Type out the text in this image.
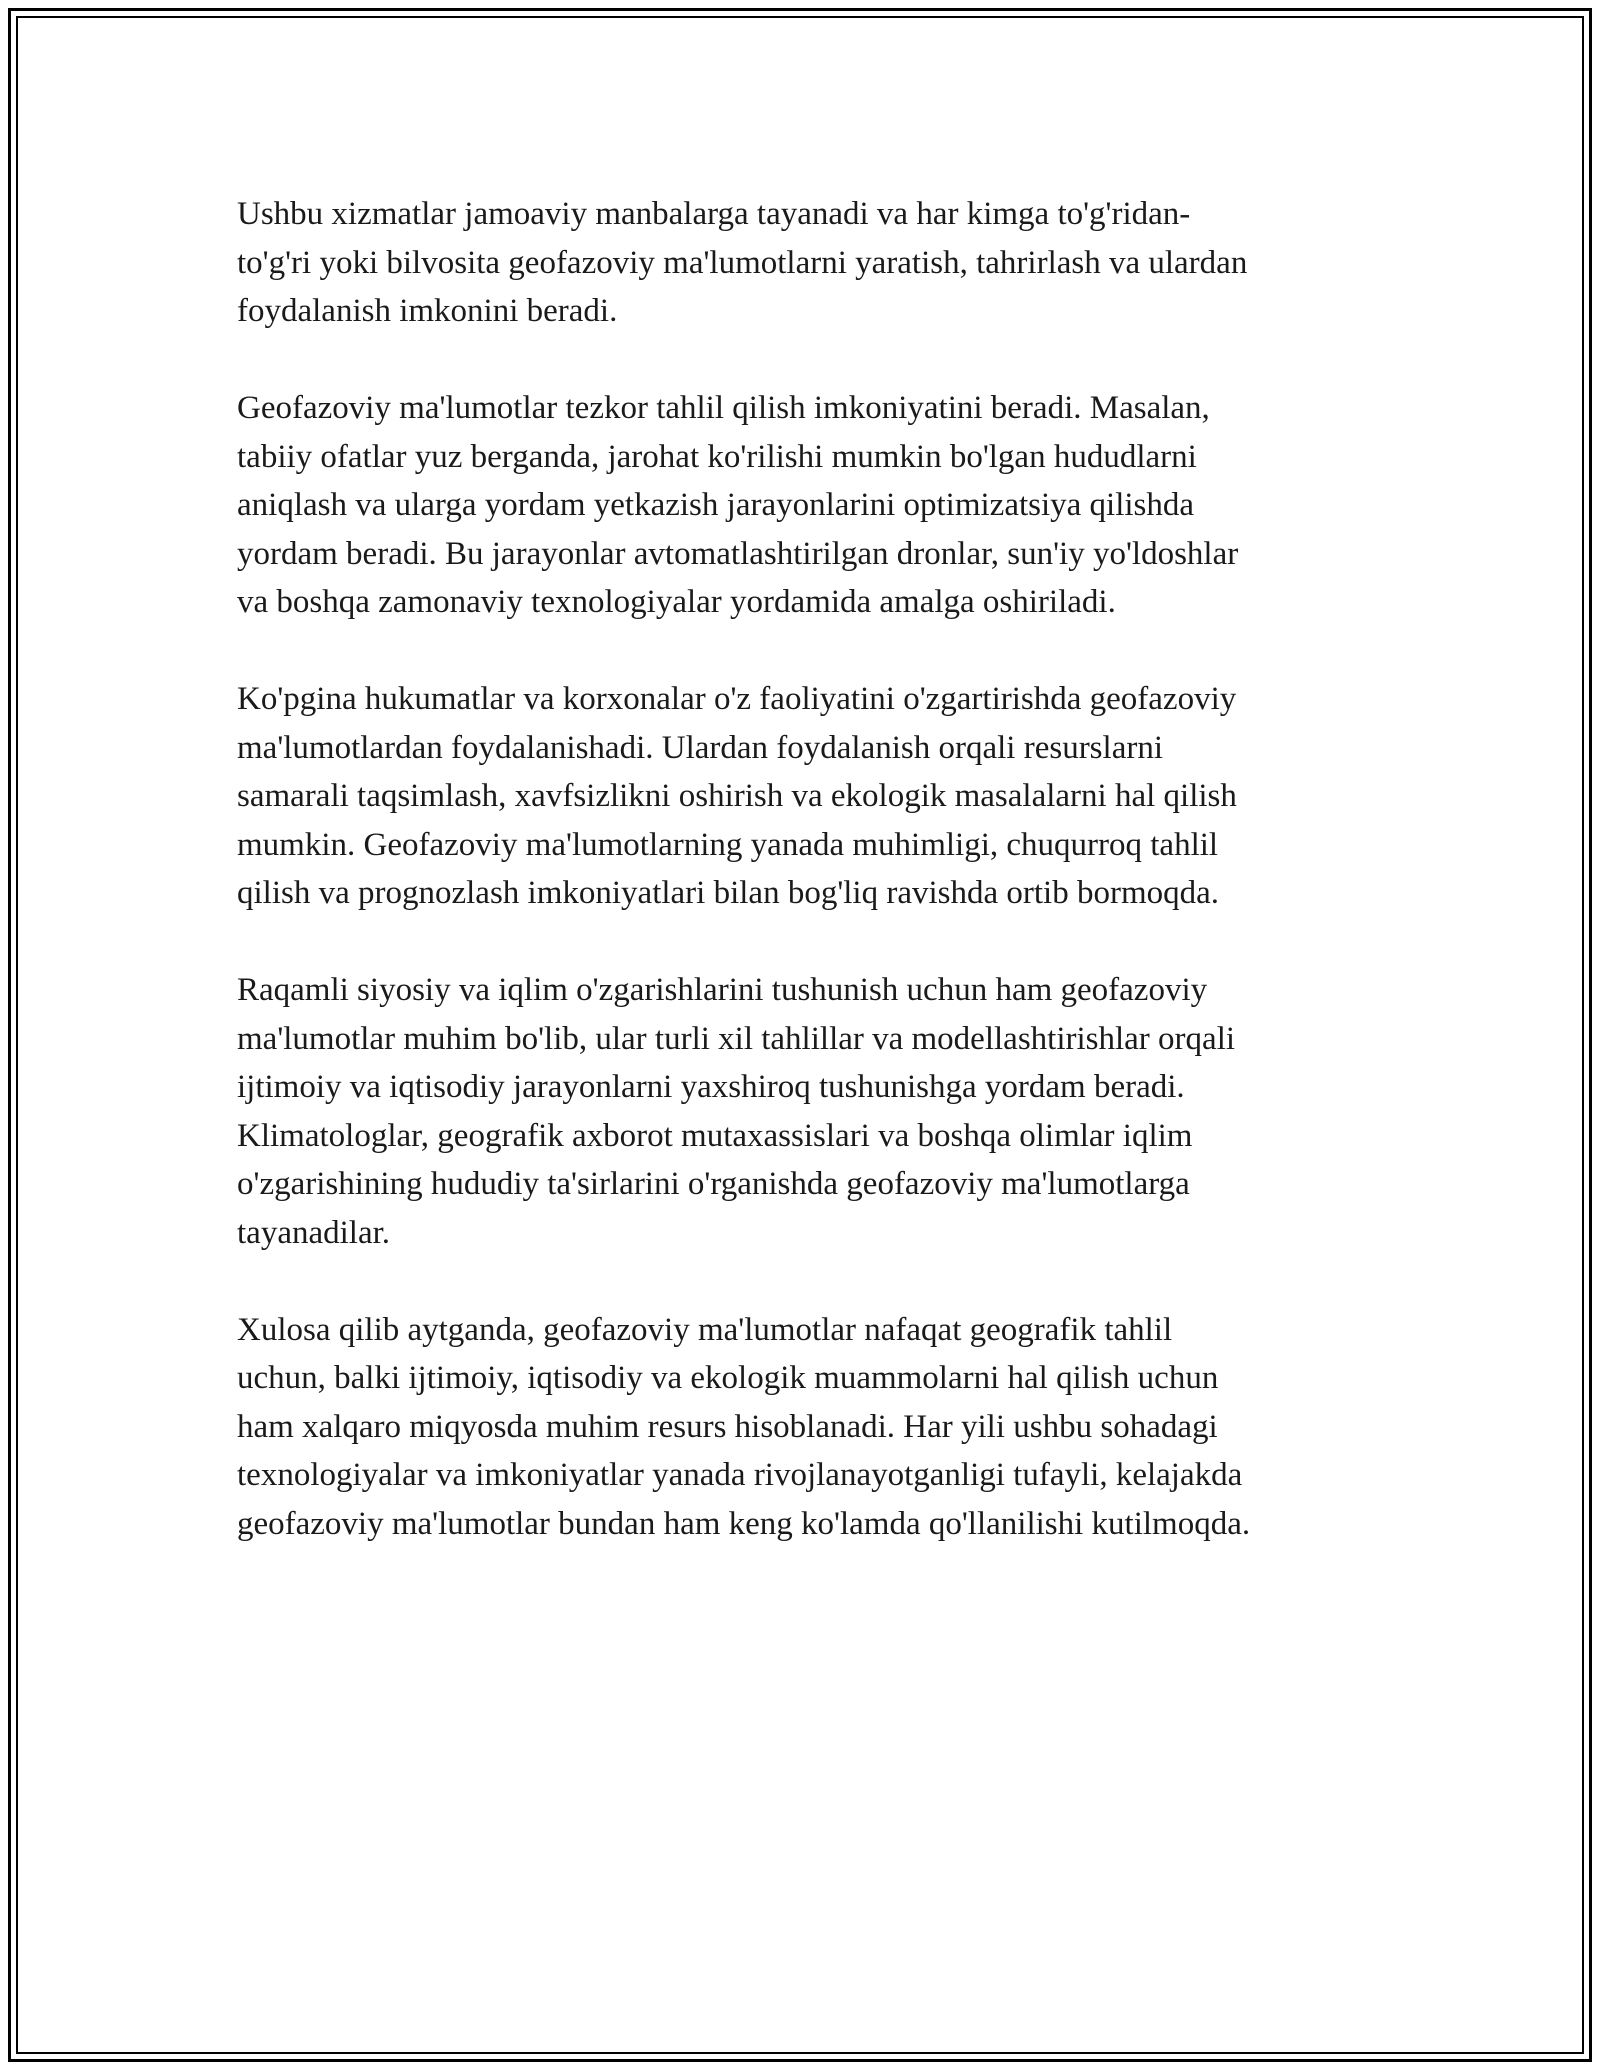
Ushbu xizmatlar jamoaviy manbalarga tayanadi va har kimga to'g'ridan-
to'g'ri yoki bilvosita geofazoviy ma'lumotlarni yaratish, tahrirlash va ulardan
foydalanish imkonini beradi.

Geofazoviy ma'lumotlar tezkor tahlil qilish imkoniyatini beradi. Masalan,
tabiiy ofatlar yuz berganda, jarohat ko'rilishi mumkin bo'lgan hududlarni
aniqlash va ularga yordam yetkazish jarayonlarini optimizatsiya qilishda
yordam beradi. Bu jarayonlar avtomatlashtirilgan dronlar, sun'iy yo'ldoshlar
va boshqa zamonaviy texnologiyalar yordamida amalga oshiriladi.

Ko'pgina hukumatlar va korxonalar o'z faoliyatini o'zgartirishda geofazoviy
ma'lumotlardan foydalanishadi. Ulardan foydalanish orqali resurslarni
samarali taqsimlash, xavfsizlikni oshirish va ekologik masalalarni hal qilish
mumkin. Geofazoviy ma'lumotlarning yanada muhimligi, chuqurroq tahlil
qilish va prognozlash imkoniyatlari bilan bog'liq ravishda ortib bormoqda.

Raqamli siyosiy va iqlim o'zgarishlarini tushunish uchun ham geofazoviy
ma'lumotlar muhim bo'lib, ular turli xil tahlillar va modellashtirishlar orqali
ijtimoiy va iqtisodiy jarayonlarni yaxshiroq tushunishga yordam beradi.
Klimatologlar, geografik axborot mutaxassislari va boshqa olimlar iqlim
o'zgarishining hududiy ta'sirlarini o'rganishda geofazoviy ma'lumotlarga
tayanadilar.

Xulosa qilib aytganda, geofazoviy ma'lumotlar nafaqat geografik tahlil
uchun, balki ijtimoiy, iqtisodiy va ekologik muammolarni hal qilish uchun
ham xalqaro miqyosda muhim resurs hisoblanadi. Har yili ushbu sohadagi
texnologiyalar va imkoniyatlar yanada rivojlanayotganligi tufayli, kelajakda
geofazoviy ma'lumotlar bundan ham keng ko'lamda qo'llanilishi kutilmoqda.
